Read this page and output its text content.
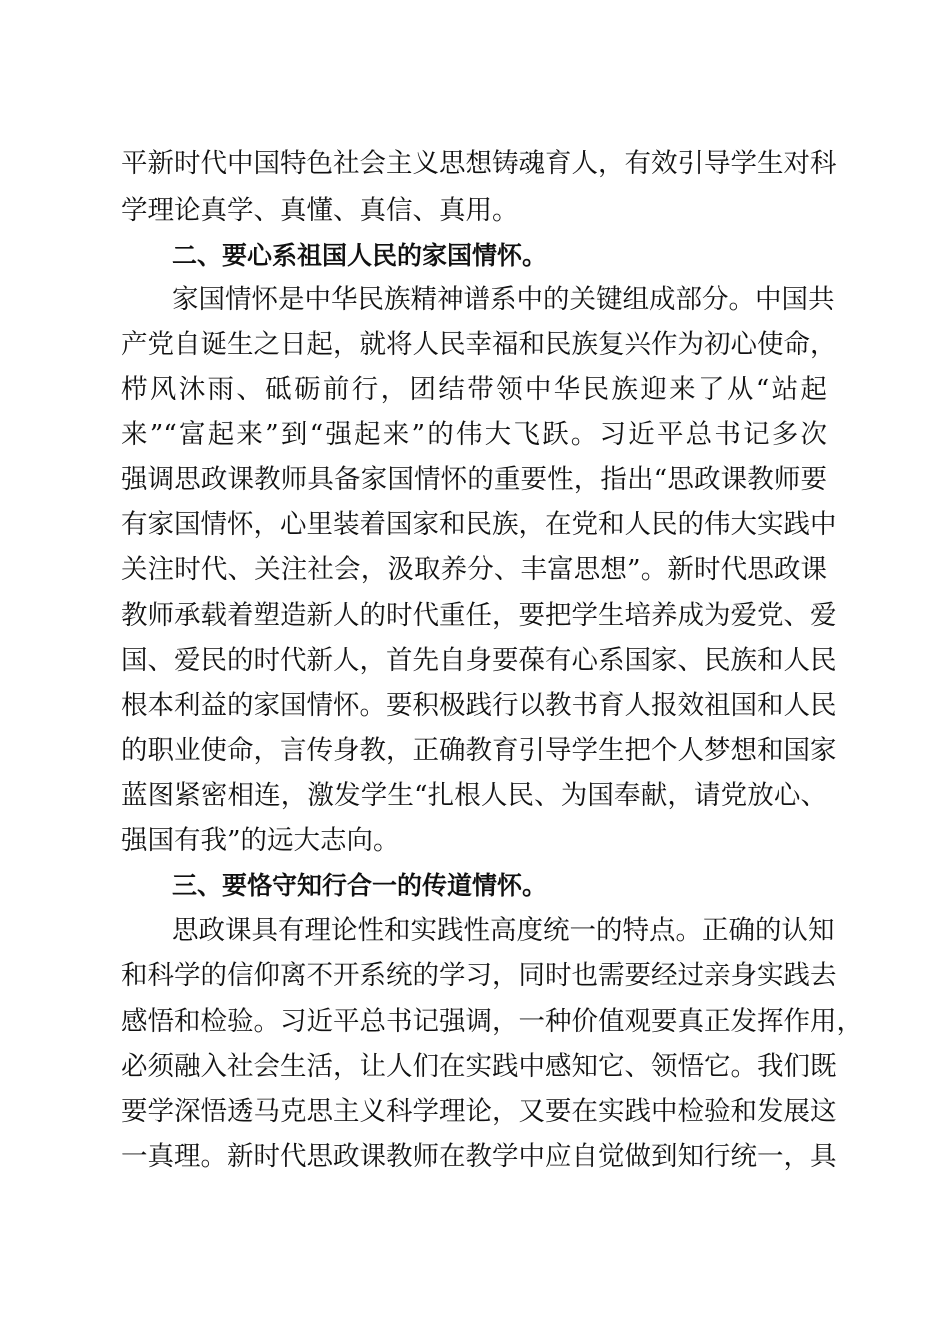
平新时代中国特色社会主义思想铸魂育人，有效引导学生对科
学理论真学、真懂、真信、真用。
二、要心系祖国人民的家国情怀。
家国情怀是中华民族精神谱系中的关键组成部分。中国共
产党自诞生之日起，就将人民幸福和民族复兴作为初心使命，
栉风沐雨、砥砺前行，团结带领中华民族迎来了从“站起
来”“富起来”到“强起来”的伟大飞跃。习近平总书记多次
强调思政课教师具备家国情怀的重要性，指出“思政课教师要
有家国情怀，心里装着国家和民族，在党和人民的伟大实践中
关注时代、关注社会，汲取养分、丰富思想”。新时代思政课
教师承载着塑造新人的时代重任，要把学生培养成为爱党、爱
国、爱民的时代新人，首先自身要葆有心系国家、民族和人民
根本利益的家国情怀。要积极践行以教书育人报效祖国和人民
的职业使命，言传身教，正确教育引导学生把个人梦想和国家
蓝图紧密相连，激发学生“扎根人民、为国奉献，请党放心、
强国有我”的远大志向。
三、要恪守知行合一的传道情怀。
思政课具有理论性和实践性高度统一的特点。正确的认知
和科学的信仰离不开系统的学习，同时也需要经过亲身实践去
感悟和检验。习近平总书记强调，一种价值观要真正发挥作用，
必须融入社会生活，让人们在实践中感知它、领悟它。我们既
要学深悟透马克思主义科学理论，又要在实践中检验和发展这
一真理。新时代思政课教师在教学中应自觉做到知行统一，具
